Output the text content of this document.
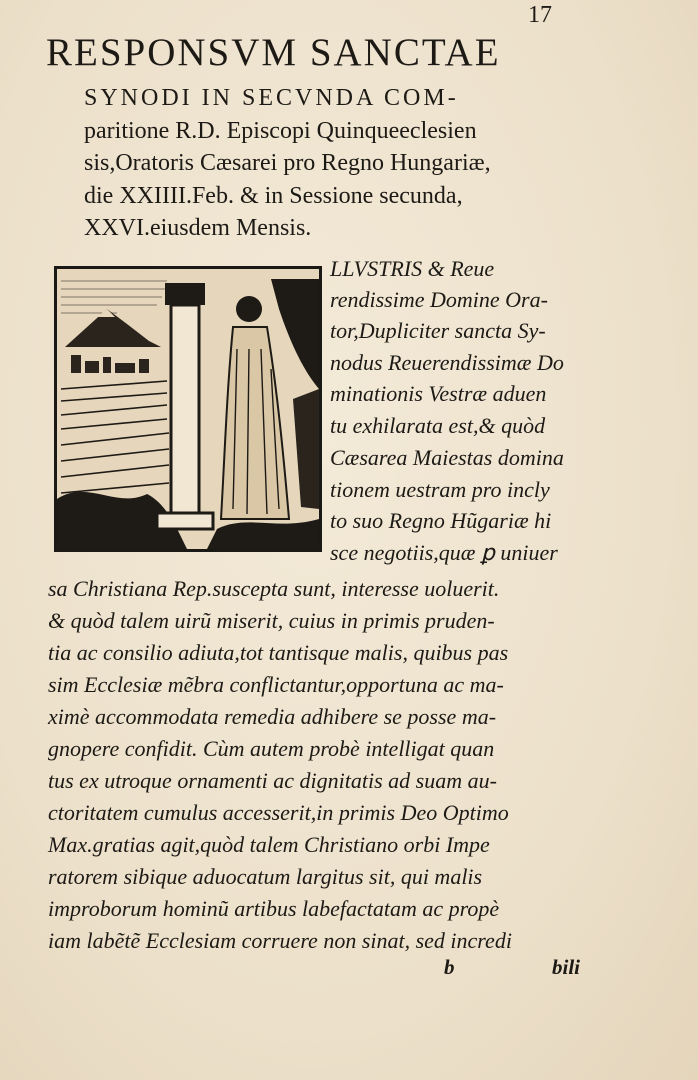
17
RESPONSVM SANCTAE
SYNODI IN SECVNDA COM-
paritione R.D. Episcopi Quinqueeclesien
sis,Oratoris Cæsarei pro Regno Hungariæ,
die XXIIII.Feb. & in Sessione secunda,
XXVI.eiusdem Mensis.
LLVSTRIS & Reue
rendissime Domine Ora-
tor,Dupliciter sancta Sy-
nodus Reuerendissimæ Do
minationis Vestræ aduen
tu exhilarata est,& quòd
Cæsarea Maiestas domina
tionem uestram pro incly
to suo Regno Hũgariæ hi
sce negotiis,quæ ꝑ uniuer
sa Christiana Rep.suscepta sunt, interesse uoluerit.
& quòd talem uirũ miserit, cuius in primis pruden-
tia ac consilio adiuta,tot tantisque malis, quibus pas
sim Ecclesiæ mẽbra conflictantur,opportuna ac ma-
ximè accommodata remedia adhibere se posse ma-
gnopere confidit. Cùm autem probè intelligat quan
tus ex utroque ornamenti ac dignitatis ad suam au-
ctoritatem cumulus accesserit,in primis Deo Optimo
Max.gratias agit,quòd talem Christiano orbi Impe
ratorem sibique aduocatum largitus sit, qui malis
improborum hominũ artibus labefactatam ac propè
iam labẽtẽ Ecclesiam corruere non sinat, sed incredi
b	bili
